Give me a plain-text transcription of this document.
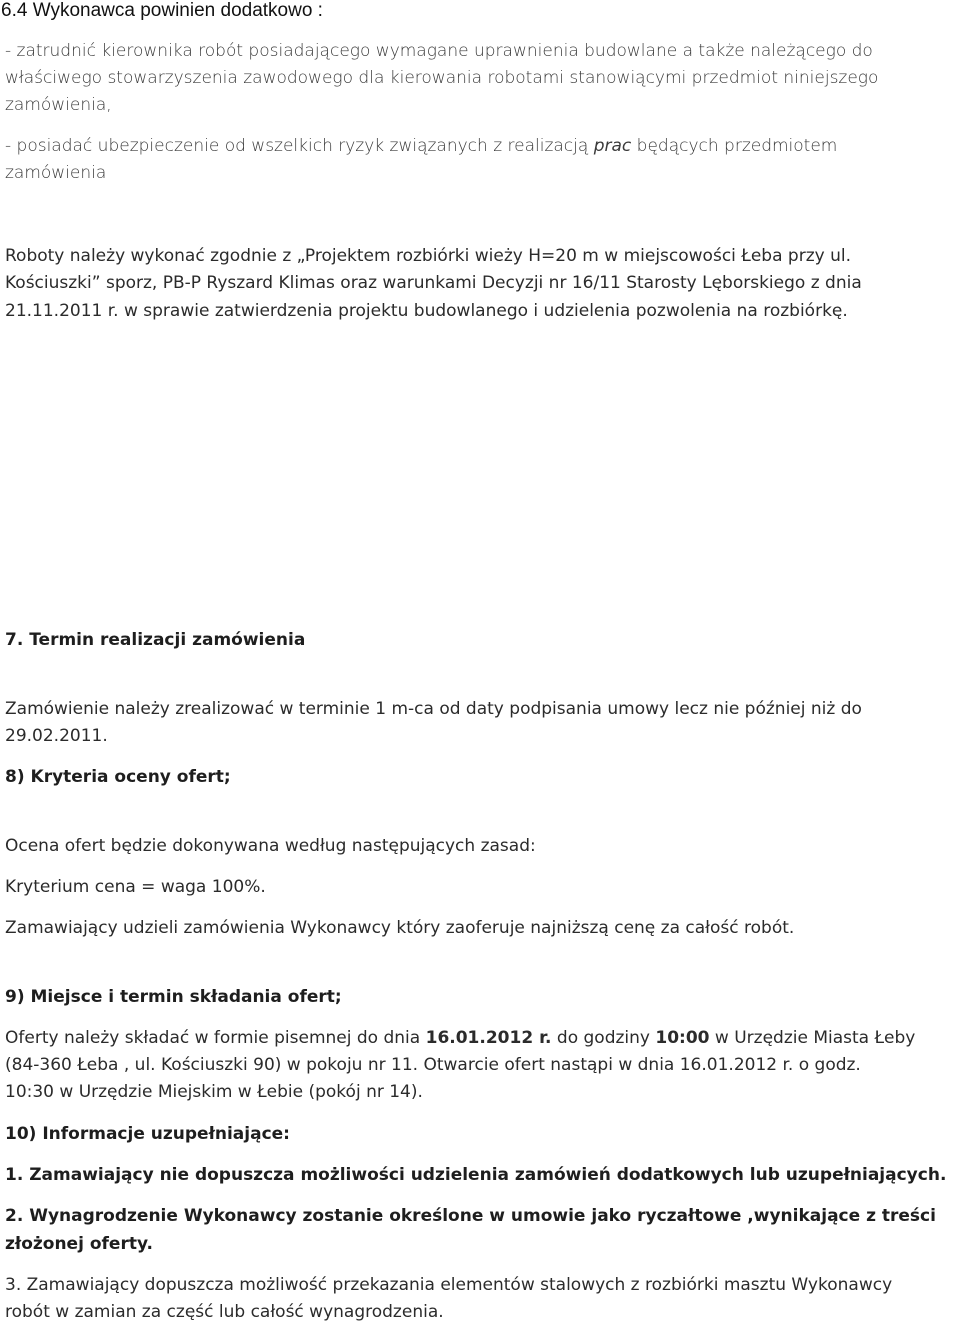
6.4 Wykonawca powinien dodatkowo :
- zatrudnić kierownika robót posiadającego wymagane uprawnienia budowlane a także należącego do
właściwego stowarzyszenia zawodowego dla kierowania robotami stanowiącymi przedmiot niniejszego
zamówienia,
- posiadać ubezpieczenie od wszelkich ryzyk związanych z realizacją prac będących przedmiotem
zamówienia
Roboty należy wykonać zgodnie z „Projektem rozbiórki wieży H=20 m w miejscowości Łeba przy ul.
Kościuszki” sporz, PB-P Ryszard Klimas oraz warunkami Decyzji nr 16/11 Starosty Lęborskiego z dnia
21.11.2011 r. w sprawie zatwierdzenia projektu budowlanego i udzielenia pozwolenia na rozbiórkę.
7. Termin realizacji zamówienia
Zamówienie należy zrealizować w terminie 1 m-ca od daty podpisania umowy lecz nie później niż do
29.02.2011.
8) Kryteria oceny ofert;
Ocena ofert będzie dokonywana według następujących zasad:
Kryterium cena = waga 100%.
Zamawiający udzieli zamówienia Wykonawcy który zaoferuje najniższą cenę za całość robót.
9) Miejsce i termin składania ofert;
Oferty należy składać w formie pisemnej do dnia 16.01.2012 r. do godziny 10:00 w Urzędzie Miasta Łeby
(84-360 Łeba , ul. Kościuszki 90) w pokoju nr 11. Otwarcie ofert nastąpi w dnia 16.01.2012 r. o godz.
10:30 w Urzędzie Miejskim w Łebie (pokój nr 14).
10) Informacje uzupełniające:
1. Zamawiający nie dopuszcza możliwości udzielenia zamówień dodatkowych lub uzupełniających.
2. Wynagrodzenie Wykonawcy zostanie określone w umowie jako ryczałtowe ,wynikające z treści
złożonej oferty.
3. Zamawiający dopuszcza możliwość przekazania elementów stalowych z rozbiórki masztu Wykonawcy
robót w zamian za część lub całość wynagrodzenia.
